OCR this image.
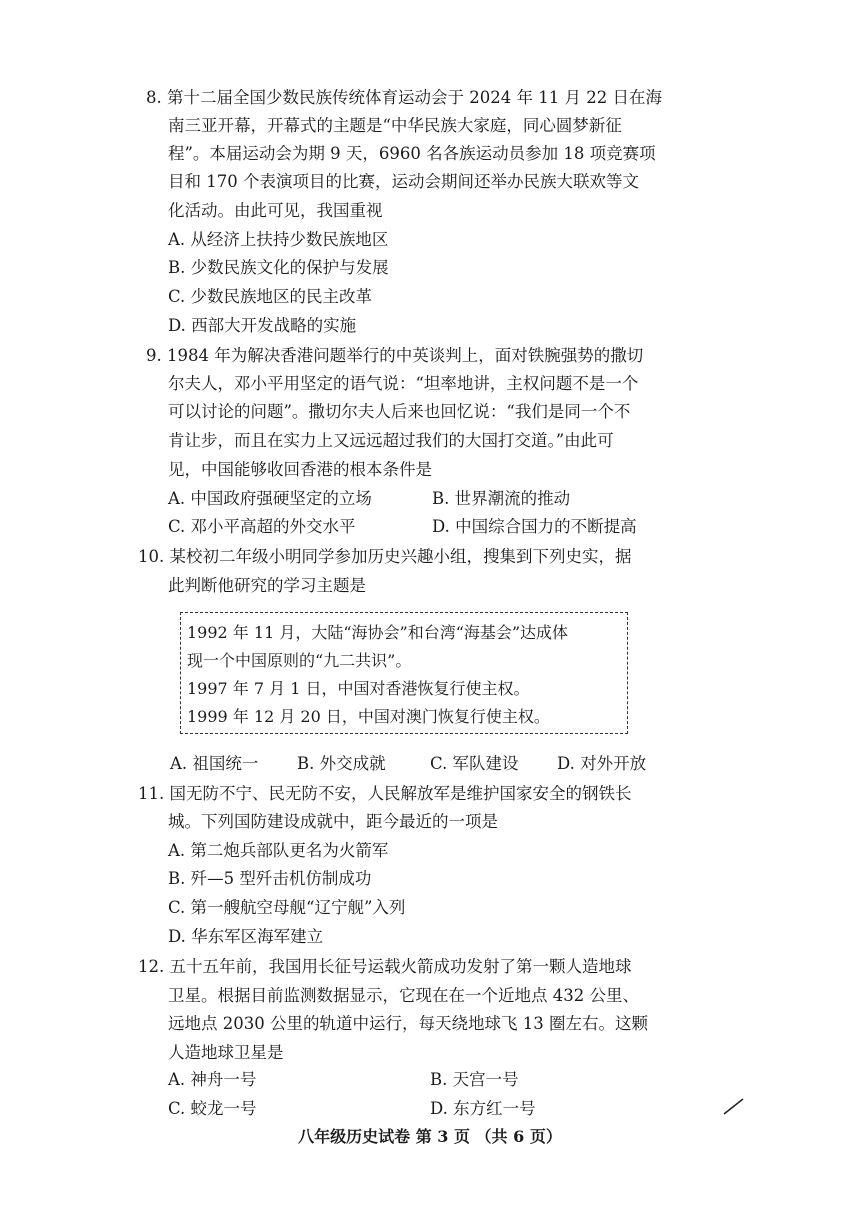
8. 第十二届全国少数民族传统体育运动会于 2024 年 11 月 22 日在海
南三亚开幕，开幕式的主题是“中华民族大家庭，同心圆梦新征
程”。本届运动会为期 9 天，6960 名各族运动员参加 18 项竞赛项
目和 170 个表演项目的比赛，运动会期间还举办民族大联欢等文
化活动。由此可见，我国重视
A. 从经济上扶持少数民族地区
B. 少数民族文化的保护与发展
C. 少数民族地区的民主改革
D. 西部大开发战略的实施
9. 1984 年为解决香港问题举行的中英谈判上，面对铁腕强势的撒切
尔夫人，邓小平用坚定的语气说：“坦率地讲，主权问题不是一个
可以讨论的问题”。撒切尔夫人后来也回忆说：“我们是同一个不
肯让步，而且在实力上又远远超过我们的大国打交道。”由此可
见，中国能够收回香港的根本条件是
A. 中国政府强硬坚定的立场	B. 世界潮流的推动
C. 邓小平高超的外交水平	D. 中国综合国力的不断提高
10. 某校初二年级小明同学参加历史兴趣小组，搜集到下列史实，据
此判断他研究的学习主题是
1992 年 11 月，大陆“海协会”和台湾“海基会”达成体
现一个中国原则的“九二共识”。
1997 年 7 月 1 日，中国对香港恢复行使主权。
1999 年 12 月 20 日，中国对澳门恢复行使主权。
A. 祖国统一 B. 外交成就	C. 军队建设 D. 对外开放
11. 国无防不宁、民无防不安，人民解放军是维护国家安全的钢铁长
城。下列国防建设成就中，距今最近的一项是
A. 第二炮兵部队更名为火箭军
B. 歼—5 型歼击机仿制成功
C. 第一艘航空母舰“辽宁舰”入列
D. 华东军区海军建立
12. 五十五年前，我国用长征号运载火箭成功发射了第一颗人造地球
卫星。根据目前监测数据显示，它现在在一个近地点 432 公里、
远地点 2030 公里的轨道中运行，每天绕地球飞 13 圈左右。这颗
人造地球卫星是
A. 神舟一号	B. 天宫一号
C. 蛟龙一号	D. 东方红一号
八年级历史试卷 第 3 页 （共 6 页）
